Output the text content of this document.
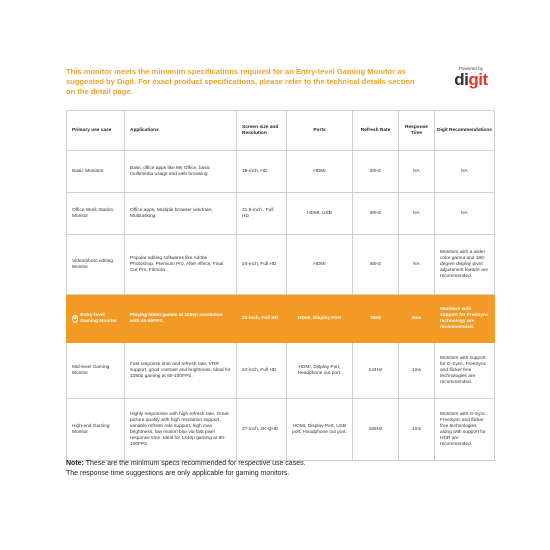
This monitor meets the minimum specifications required for an Entry-level Gaming Monitor as suggested by Digit. For exact product specifications, please refer to the technical details section on the detail page.
Powered by
digit
Primary use case	Applications	Screen size and Resolution	Ports	Refresh Rate	Response Time	Digit Recommendations
Basic Monitors	Basic office apps like Ms Office, basic multimedia usage and web browsing	19-inch, HD	HDMI	60Hz	NA	NA
Office Work Station Monitor	Office apps, Multiple browser windows, Multitasking	21.5-inch , Full HD	HDMI, USB	60Hz	NA	NA
Video/photo editing Monitor	Popular editing softwares like Adobe Photoshop, Premium Pro, After effecs, Final Cut Pro, Filmora.	24-inch, Full HD	HDMI	60Hz	NA	Monitors with a wider color gamut and 180-degree display pivot adjustment feature are recommended.

✦
Entry-level Gaming Monitor	Playing latest games at 1080p resolution with 40-60FPS.	24-inch, Full HD	HDMI, Display Port	75Hz	4ms	Monitors with support for FreeSync technology are recommended.
Mid-level Gaming Monitor	Fast response time and refresh rate, VRR support, good contrast and brightness. Ideal for 1080p gaming at 60-100FPS.	24-inch, Full HD	HDMI, Display Port, Headphone out port.	144Hz	1ms	Monitors with support for G-Sync, FreeSync and flicker free technologies are recommended.
High-end Gaming Monitor	Highly responsive with high refresh rate, Great picture quality with high resolution support, variable refresh rate support, high max brightness, low motion blur via fast pixel response time. Ideal for 1440p gaming at 80-100FPS.	27-inch, 2K QHD	HDMI, Display Port, USB port, Headphone out port.	165Hz	1ms	Monitors with G-Sync, FreeSync and flicker free technologies along with support for HDR are recommended.
Note: These are the minimum specs recommended for respective use cases.
The response time suggestions are only applicable for gaming monitors.
